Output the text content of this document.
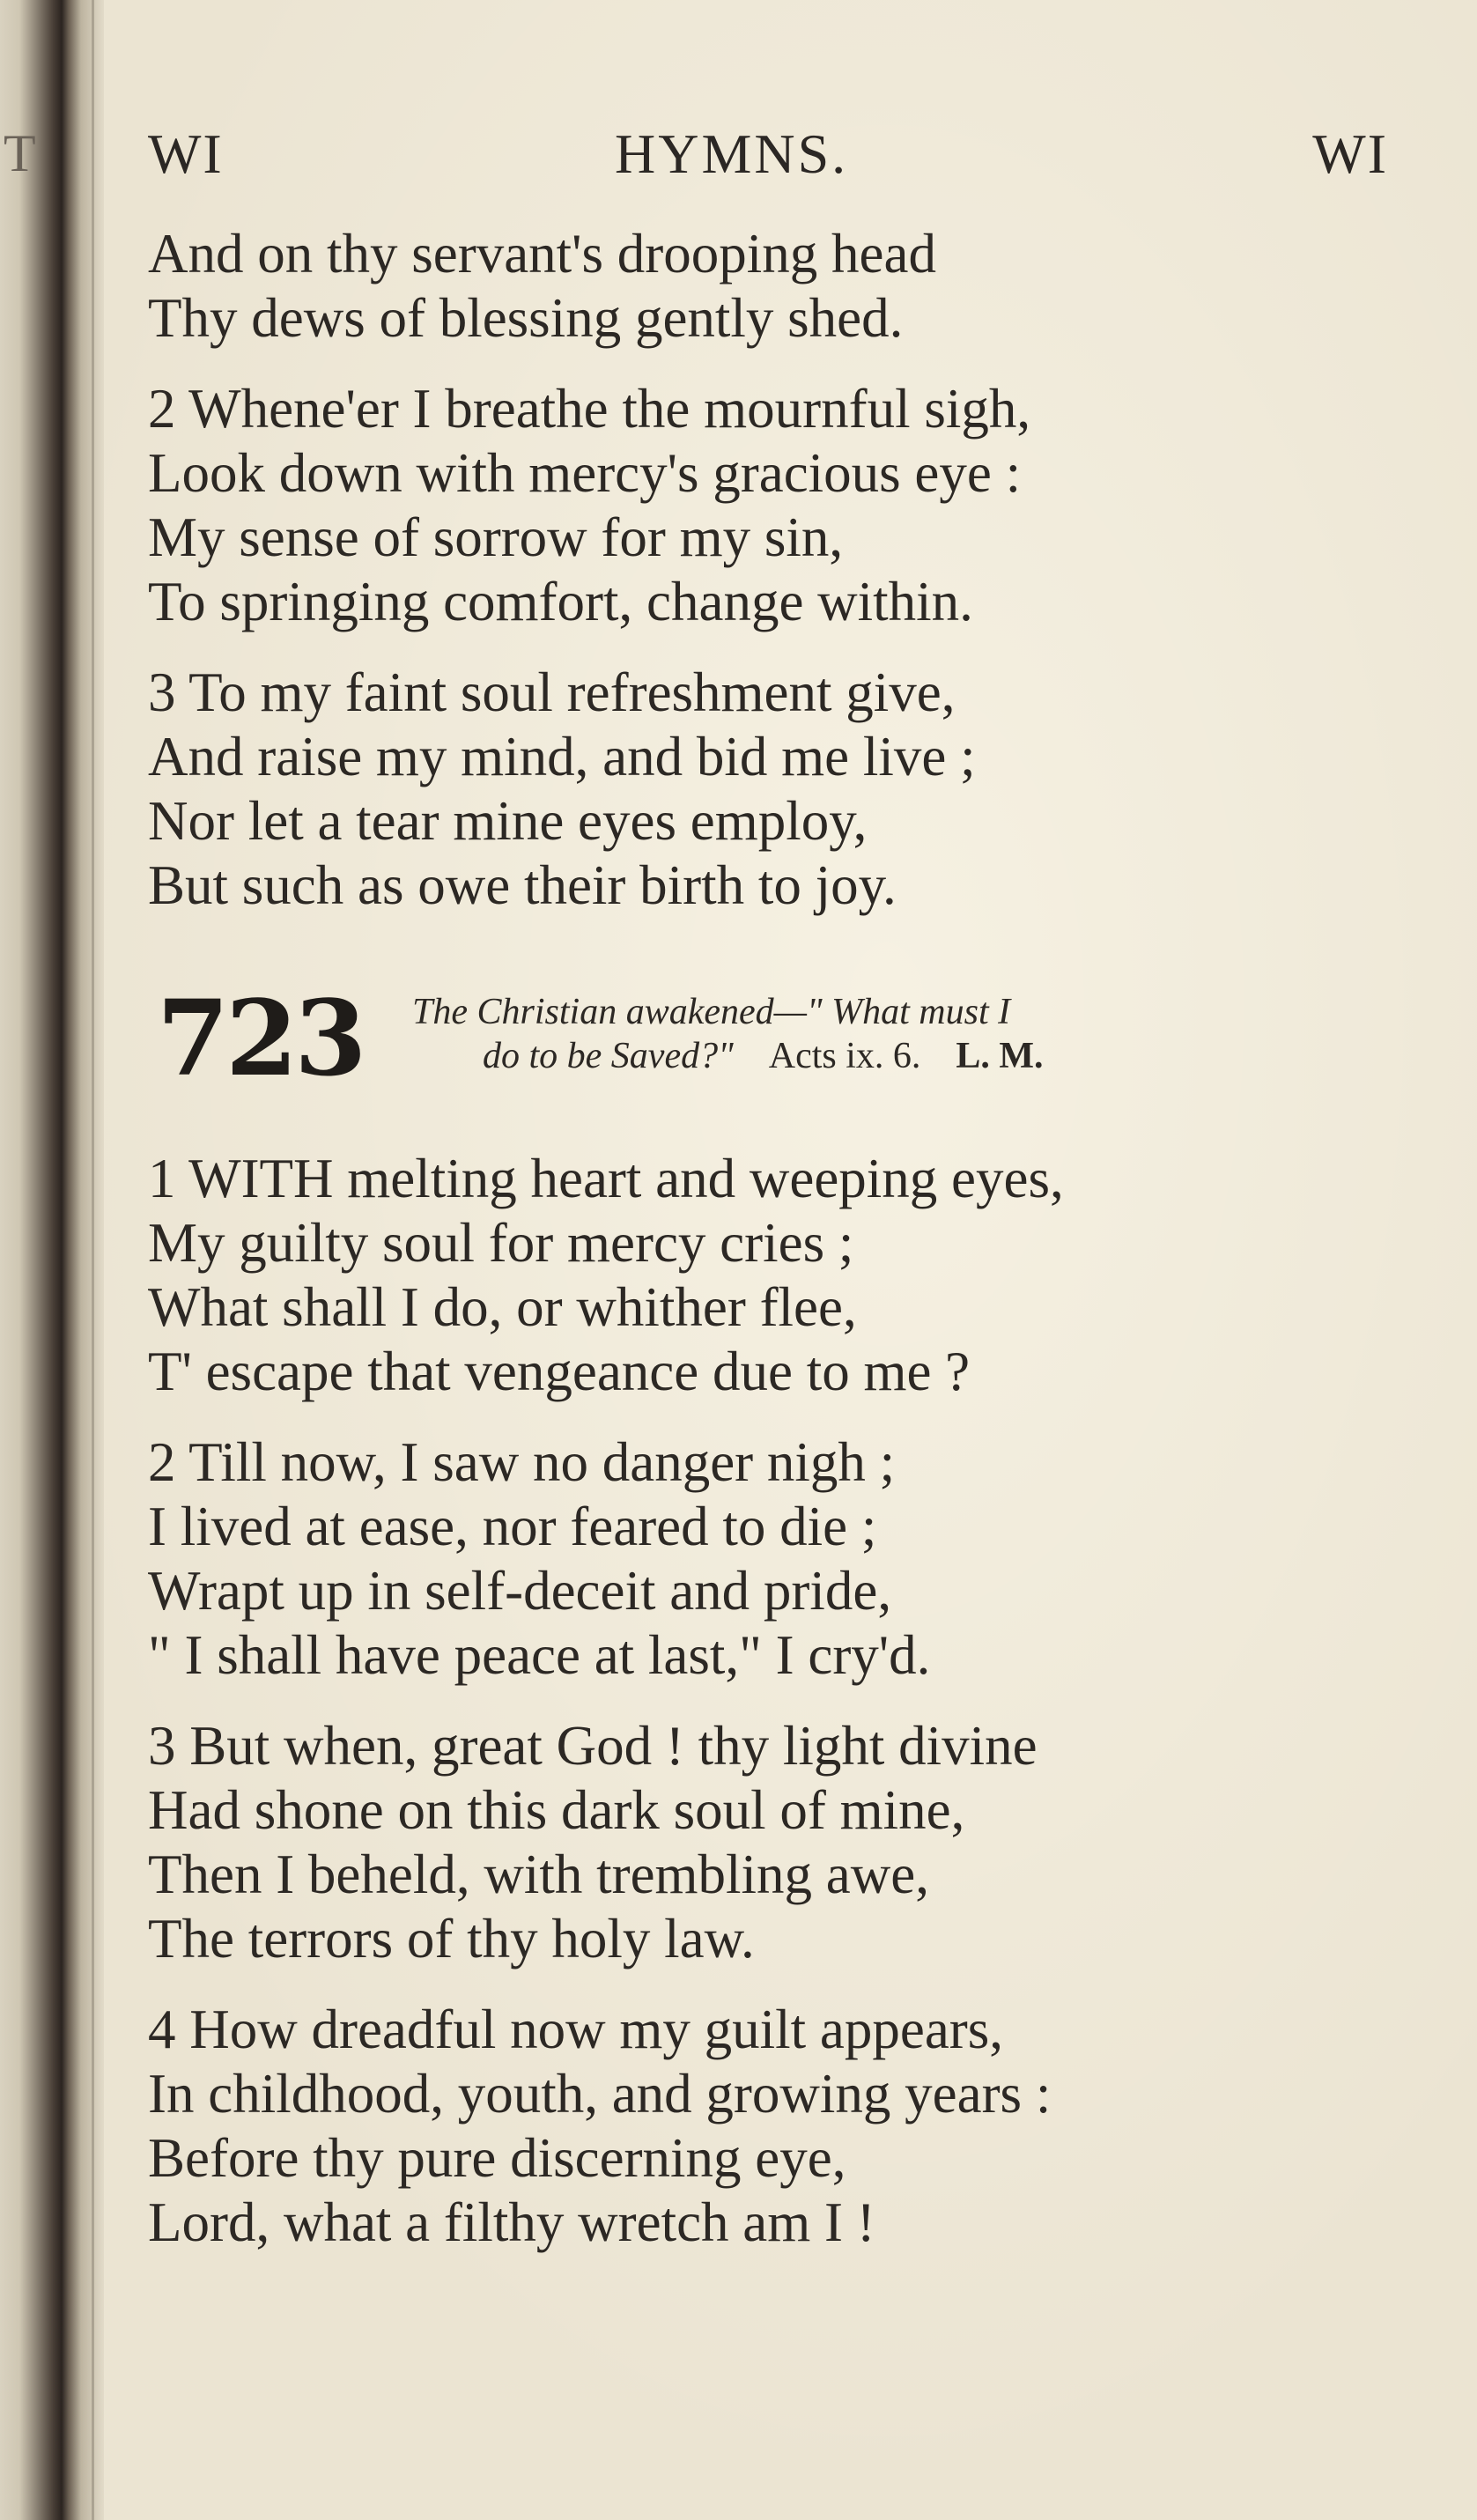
T WI	HYMNS.	WI
And on thy servant's drooping head
Thy dews of blessing gently shed.
2 Whene'er I breathe the mournful sigh,
Look down with mercy's gracious eye :
My sense of sorrow for my sin,
To springing comfort, change within.
3 To my faint soul refreshment give,
And raise my mind, and bid me live ;
Nor let a tear mine eyes employ,
But such as owe their birth to joy.
723 The Christian awakened—" What must I
do to be Saved?" Acts ix. 6. L. M.
1 WITH melting heart and weeping eyes,
My guilty soul for mercy cries ;
What shall I do, or whither flee,
T' escape that vengeance due to me ?
2 Till now, I saw no danger nigh ;
I lived at ease, nor feared to die ;
Wrapt up in self-deceit and pride,
" I shall have peace at last," I cry'd.
3 But when, great God ! thy light divine
Had shone on this dark soul of mine,
Then I beheld, with trembling awe,
The terrors of thy holy law.
4 How dreadful now my guilt appears,
In childhood, youth, and growing years :
Before thy pure discerning eye,
Lord, what a filthy wretch am I !
